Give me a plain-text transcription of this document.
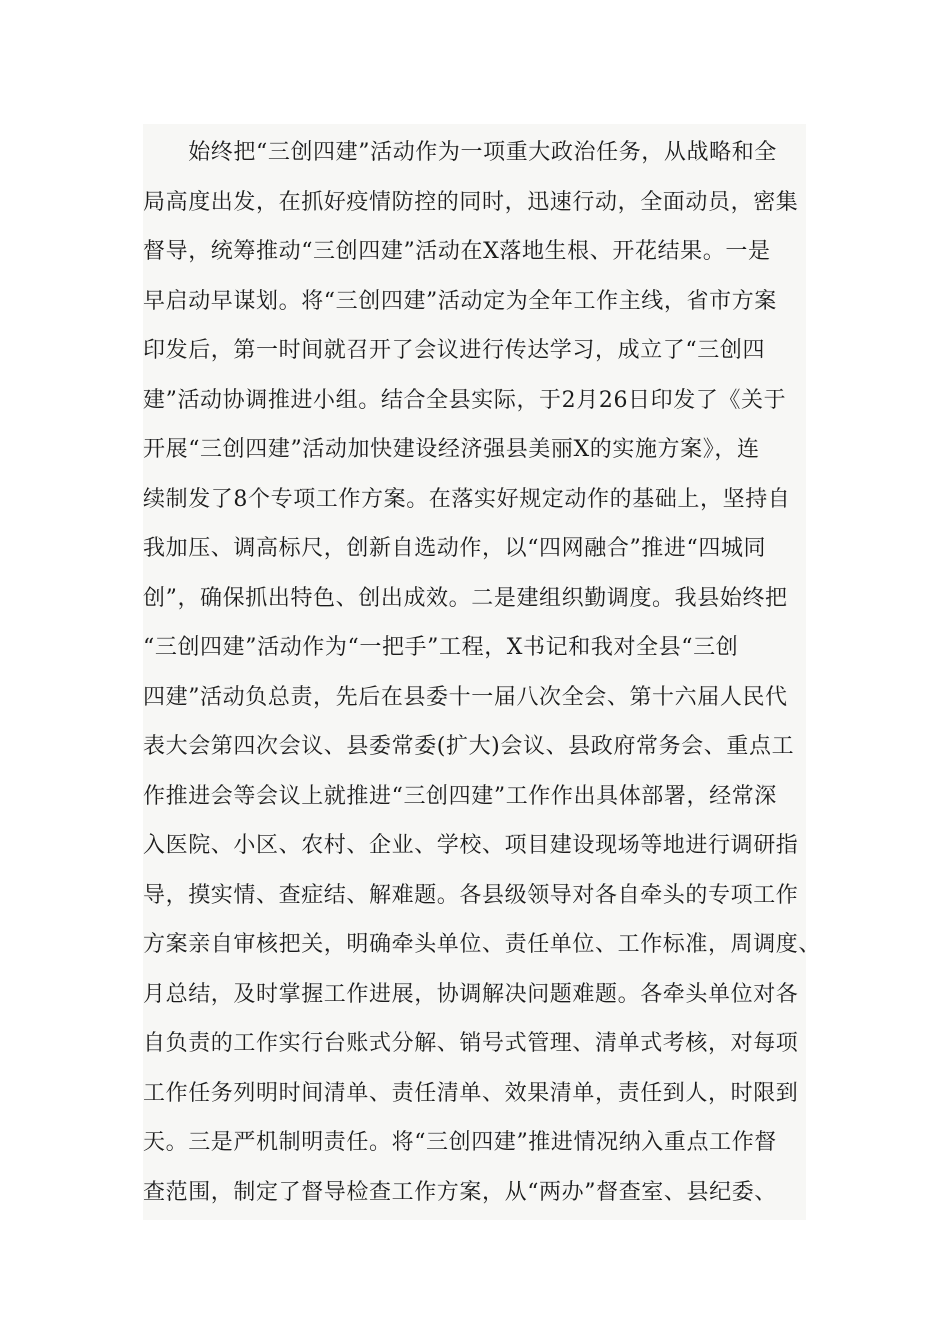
　　始终把“三创四建”活动作为一项重大政治任务，从战略和全
局高度出发，在抓好疫情防控的同时，迅速行动，全面动员，密集
督导，统筹推动“三创四建”活动在X落地生根、开花结果。一是
早启动早谋划。将“三创四建”活动定为全年工作主线，省市方案
印发后，第一时间就召开了会议进行传达学习，成立了“三创四
建”活动协调推进小组。结合全县实际，于2月26日印发了《关于
开展“三创四建”活动加快建设经济强县美丽X的实施方案》，连
续制发了8个专项工作方案。在落实好规定动作的基础上，坚持自
我加压、调高标尺，创新自选动作，以“四网融合”推进“四城同
创”，确保抓出特色、创出成效。二是建组织勤调度。我县始终把
“三创四建”活动作为“一把手”工程，X书记和我对全县“三创
四建”活动负总责，先后在县委十一届八次全会、第十六届人民代
表大会第四次会议、县委常委(扩大)会议、县政府常务会、重点工
作推进会等会议上就推进“三创四建”工作作出具体部署，经常深
入医院、小区、农村、企业、学校、项目建设现场等地进行调研指
导，摸实情、查症结、解难题。各县级领导对各自牵头的专项工作
方案亲自审核把关，明确牵头单位、责任单位、工作标准，周调度、
月总结，及时掌握工作进展，协调解决问题难题。各牵头单位对各
自负责的工作实行台账式分解、销号式管理、清单式考核，对每项
工作任务列明时间清单、责任清单、效果清单，责任到人，时限到
天。三是严机制明责任。将“三创四建”推进情况纳入重点工作督
查范围，制定了督导检查工作方案，从“两办”督查室、县纪委、
